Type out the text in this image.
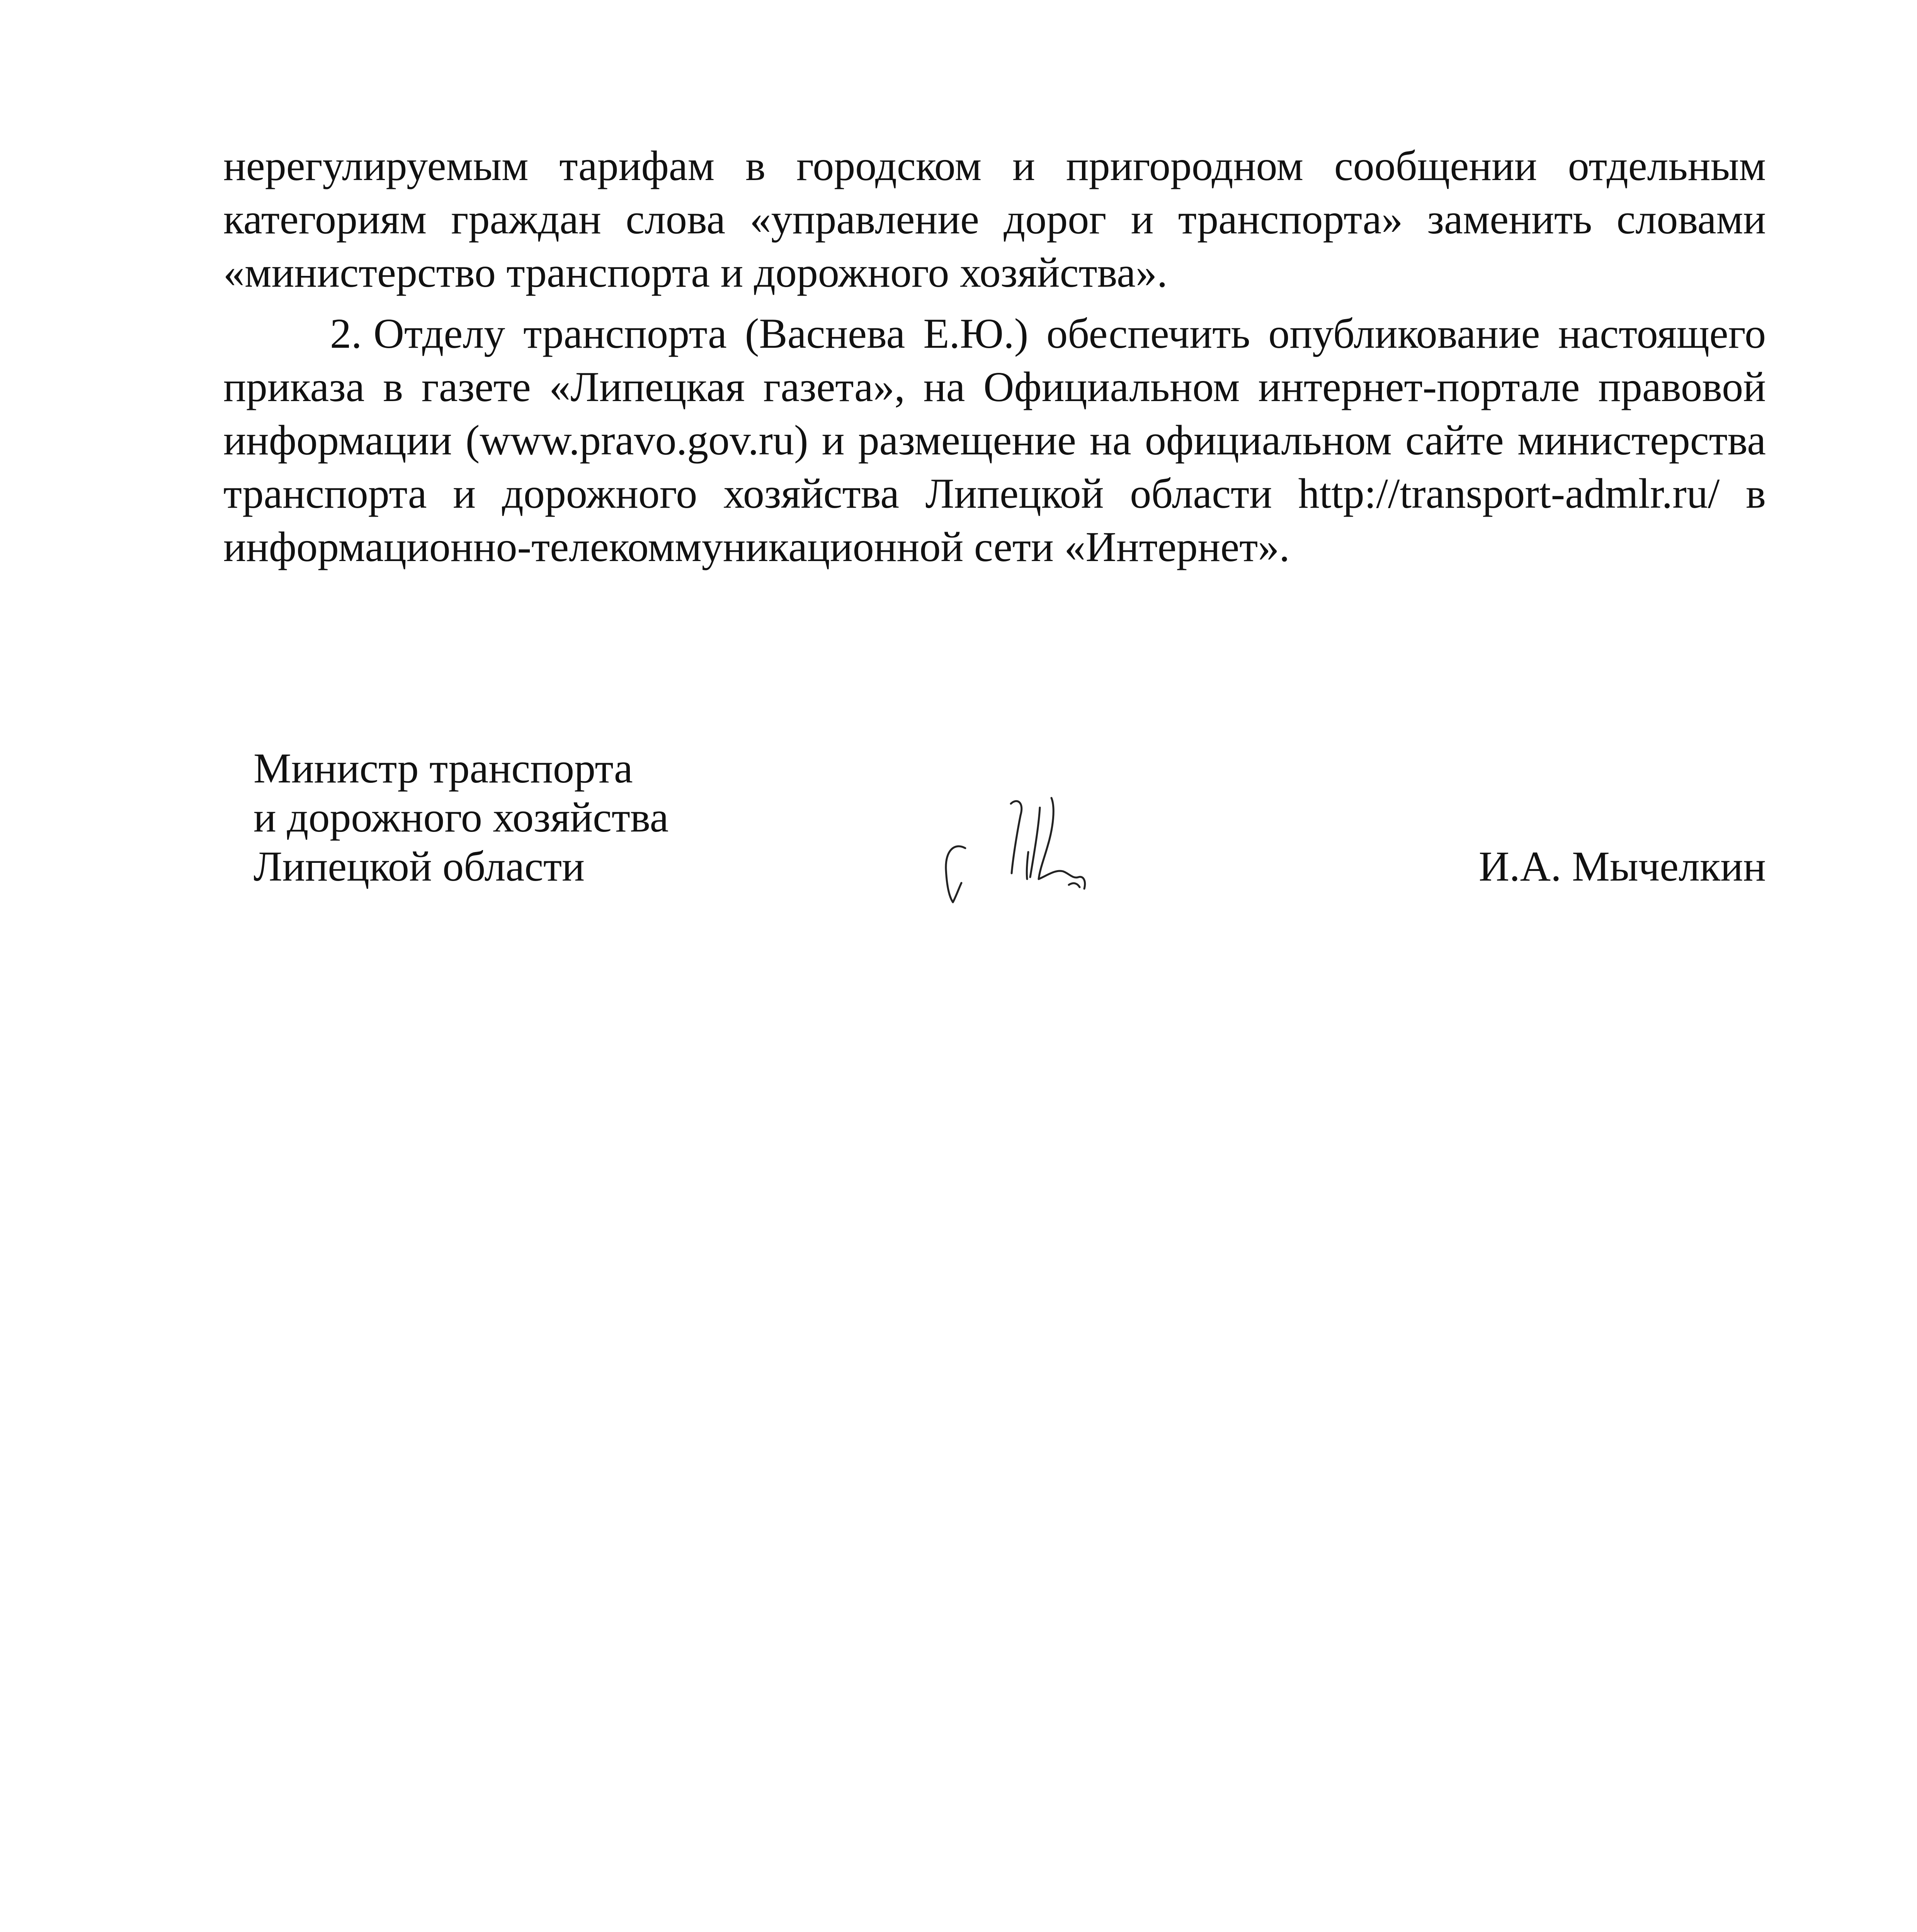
нерегулируемым тарифам в городском и пригородном сообщении отдельным категориям граждан слова «управление дорог и транспорта» заменить словами «министерство транспорта и дорожного хозяйства».

2. Отделу транспорта (Васнева Е.Ю.) обеспечить опубликование настоящего приказа в газете «Липецкая газета», на Официальном интернет-портале правовой информации (www.pravo.gov.ru) и размещение на официальном сайте министерства транспорта и дорожного хозяйства Липецкой области http://transport-admlr.ru/ в информационно-телекоммуникационной сети «Интернет».

Министр транспорта
и дорожного хозяйства
Липецкой области	И.А. Мычелкин
